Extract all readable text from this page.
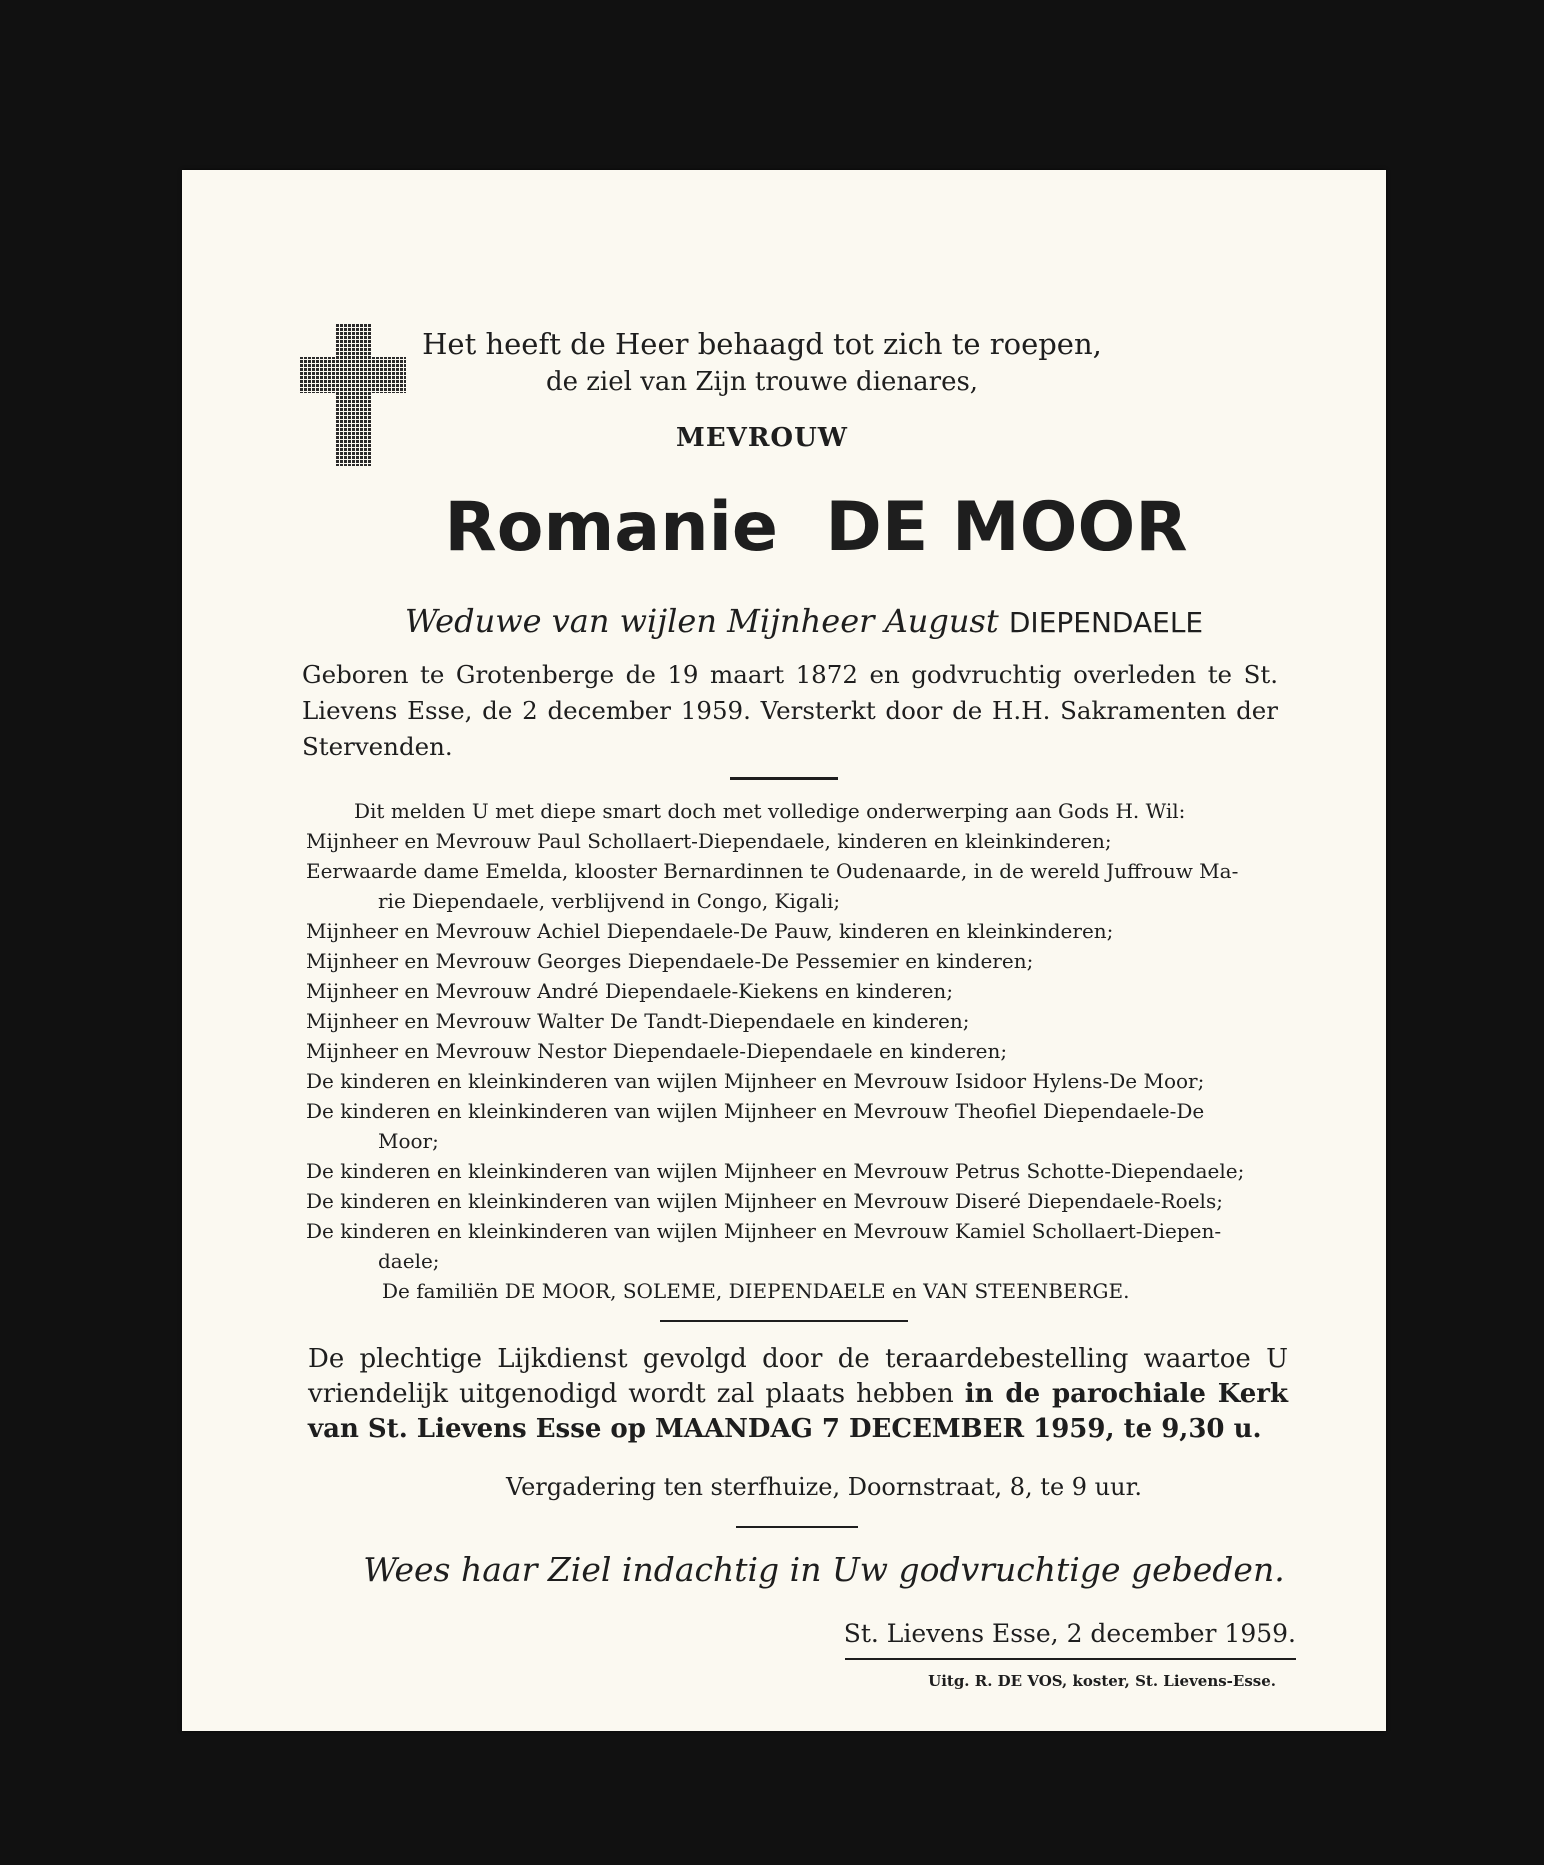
Het heeft de Heer behaagd tot zich te roepen,
de ziel van Zijn trouwe dienares,
MEVROUW
Romanie DE MOOR
Weduwe van wijlen Mijnheer August DIEPENDAELE
Geboren te Grotenberge de 19 maart 1872 en godvruchtig overleden te St. Lievens Esse, de 2 december 1959. Versterkt door de H.H. Sakramenten der Stervenden.
Dit melden U met diepe smart doch met volledige onderwerping aan Gods H. Wil:
Mijnheer en Mevrouw Paul Schollaert-Diependaele, kinderen en kleinkinderen;
Eerwaarde dame Emelda, klooster Bernardinnen te Oudenaarde, in de wereld Juffrouw Ma-
rie Diependaele, verblijvend in Congo, Kigali;
Mijnheer en Mevrouw Achiel Diependaele-De Pauw, kinderen en kleinkinderen;
Mijnheer en Mevrouw Georges Diependaele-De Pessemier en kinderen;
Mijnheer en Mevrouw André Diependaele-Kiekens en kinderen;
Mijnheer en Mevrouw Walter De Tandt-Diependaele en kinderen;
Mijnheer en Mevrouw Nestor Diependaele-Diependaele en kinderen;
De kinderen en kleinkinderen van wijlen Mijnheer en Mevrouw Isidoor Hylens-De Moor;
De kinderen en kleinkinderen van wijlen Mijnheer en Mevrouw Theofiel Diependaele-De
Moor;
De kinderen en kleinkinderen van wijlen Mijnheer en Mevrouw Petrus Schotte-Diependaele;
De kinderen en kleinkinderen van wijlen Mijnheer en Mevrouw Diseré Diependaele-Roels;
De kinderen en kleinkinderen van wijlen Mijnheer en Mevrouw Kamiel Schollaert-Diepen-
daele;
De familiën DE MOOR, SOLEME, DIEPENDAELE en VAN STEENBERGE.
De plechtige Lijkdienst gevolgd door de teraardebestelling waartoe U vriendelijk uitgenodigd wordt zal plaats hebben in de parochiale Kerk van St. Lievens Esse op MAANDAG 7 DECEMBER 1959, te 9,30 u.
Vergadering ten sterfhuize, Doornstraat, 8, te 9 uur.
Wees haar Ziel indachtig in Uw godvruchtige gebeden.
St. Lievens Esse, 2 december 1959.
Uitg. R. DE VOS, koster, St. Lievens-Esse.
